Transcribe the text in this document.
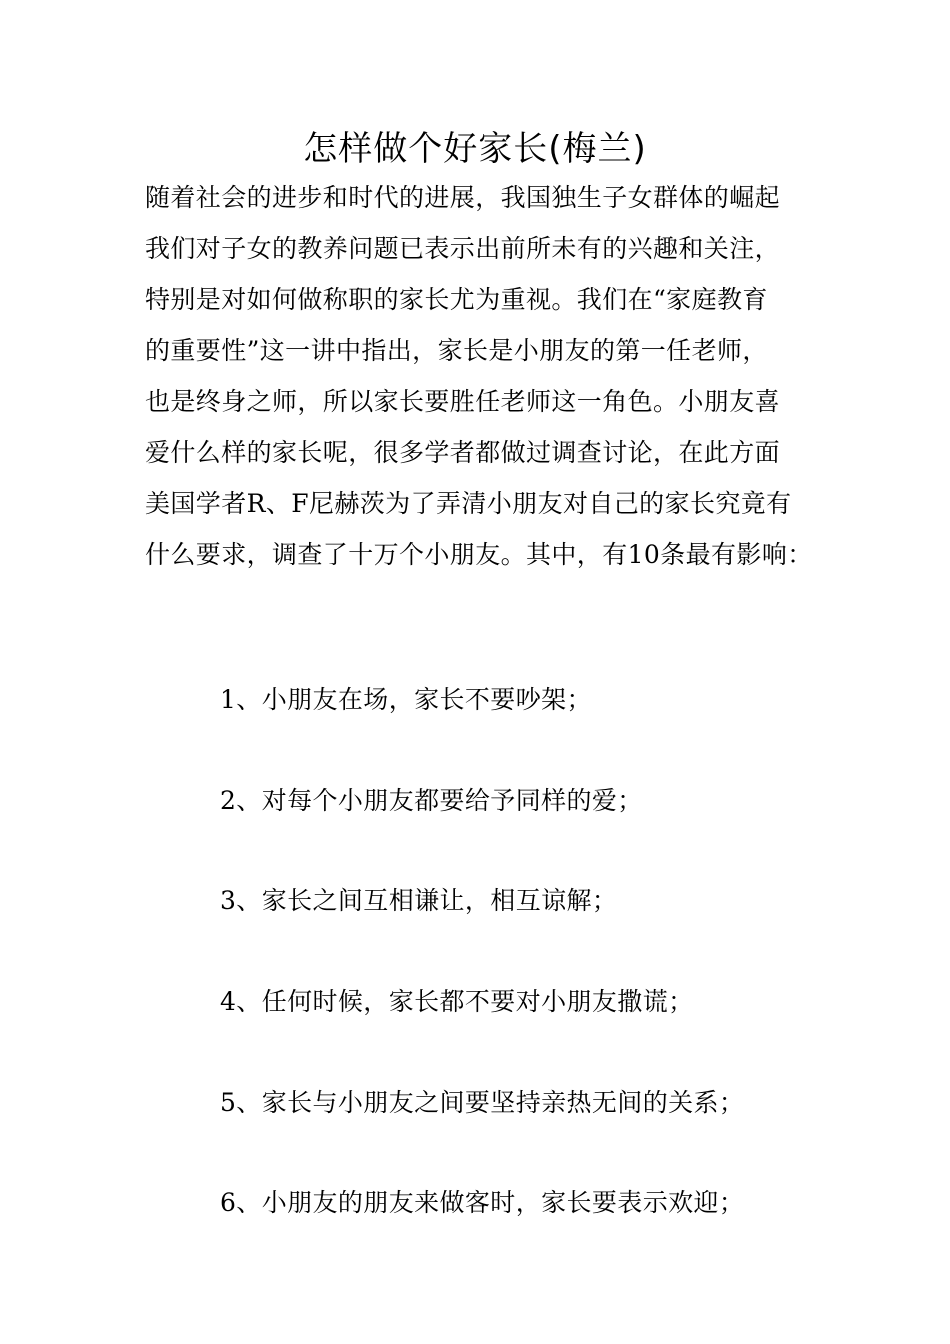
怎样做个好家长(梅兰)
随着社会的进步和时代的进展，我国独生子女群体的崛起
我们对子女的教养问题已表示出前所未有的兴趣和关注，
特别是对如何做称职的家长尤为重视。我们在“家庭教育
的重要性”这一讲中指出，家长是小朋友的第一任老师，
也是终身之师，所以家长要胜任老师这一角色。小朋友喜
爱什么样的家长呢，很多学者都做过调查讨论，在此方面
美国学者R、F尼赫茨为了弄清小朋友对自己的家长究竟有
什么要求，调查了十万个小朋友。其中，有10条最有影响：
1、小朋友在场，家长不要吵架；
2、对每个小朋友都要给予同样的爱；
3、家长之间互相谦让，相互谅解；
4、任何时候，家长都不要对小朋友撒谎；
5、家长与小朋友之间要坚持亲热无间的关系；
6、小朋友的朋友来做客时，家长要表示欢迎；
